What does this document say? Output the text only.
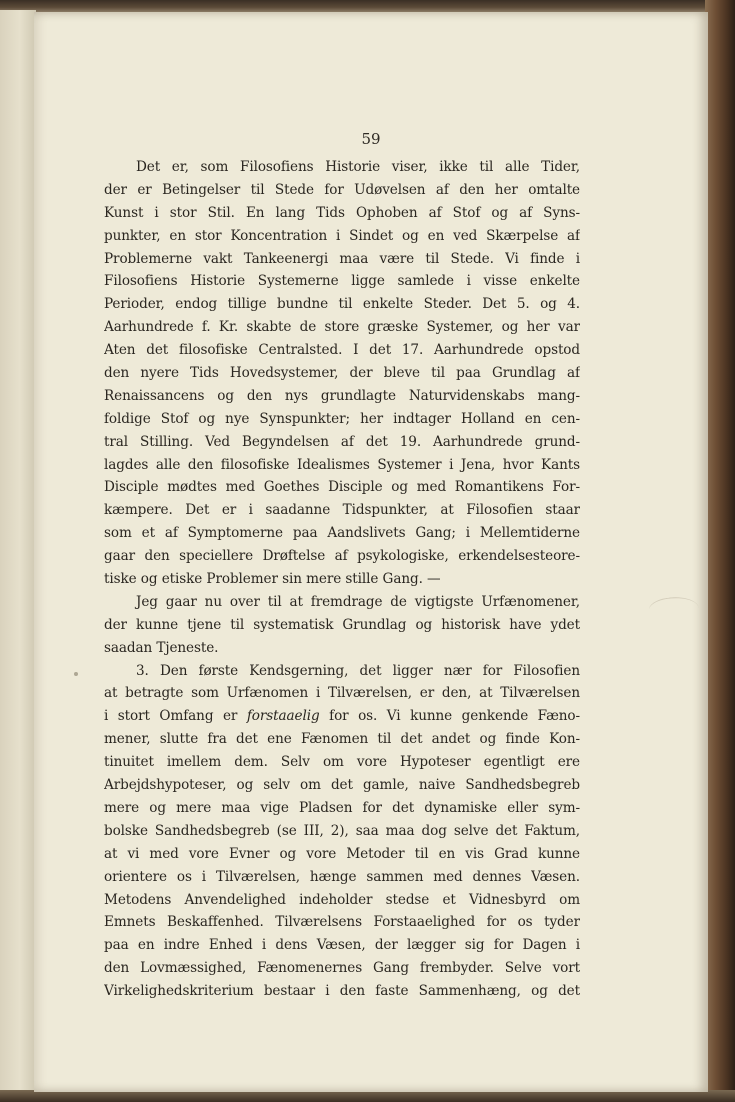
59

Det er, som Filosofiens Historie viser, ikke til alle Tider,
der er Betingelser til Stede for Udøvelsen af den her omtalte
Kunst i stor Stil. En lang Tids Ophoben af Stof og af Syns-
punkter, en stor Koncentration i Sindet og en ved Skærpelse af
Problemerne vakt Tankeenergi maa være til Stede. Vi finde i
Filosofiens Historie Systemerne ligge samlede i visse enkelte
Perioder, endog tillige bundne til enkelte Steder. Det 5. og 4.
Aarhundrede f. Kr. skabte de store græske Systemer, og her var
Aten det filosofiske Centralsted. I det 17. Aarhundrede opstod
den nyere Tids Hovedsystemer, der bleve til paa Grundlag af
Renaissancens og den nys grundlagte Naturvidenskabs mang-
foldige Stof og nye Synspunkter; her indtager Holland en cen-
tral Stilling. Ved Begyndelsen af det 19. Aarhundrede grund-
lagdes alle den filosofiske Idealismes Systemer i Jena, hvor Kants
Disciple mødtes med Goethes Disciple og med Romantikens For-
kæmpere. Det er i saadanne Tidspunkter, at Filosofien staar
som et af Symptomerne paa Aandslivets Gang; i Mellemtiderne
gaar den speciellere Drøftelse af psykologiske, erkendelsesteore-
tiske og etiske Problemer sin mere stille Gang. —
Jeg gaar nu over til at fremdrage de vigtigste Urfænomener,
der kunne tjene til systematisk Grundlag og historisk have ydet
saadan Tjeneste.
3. Den første Kendsgerning, det ligger nær for Filosofien
at betragte som Urfænomen i Tilværelsen, er den, at Tilværelsen
i stort Omfang er forstaaelig for os. Vi kunne genkende Fæno-
mener, slutte fra det ene Fænomen til det andet og finde Kon-
tinuitet imellem dem. Selv om vore Hypoteser egentligt ere
Arbejdshypoteser, og selv om det gamle, naive Sandhedsbegreb
mere og mere maa vige Pladsen for det dynamiske eller sym-
bolske Sandhedsbegreb (se III, 2), saa maa dog selve det Faktum,
at vi med vore Evner og vore Metoder til en vis Grad kunne
orientere os i Tilværelsen, hænge sammen med dennes Væsen.
Metodens Anvendelighed indeholder stedse et Vidnesbyrd om
Emnets Beskaffenhed. Tilværelsens Forstaaelighed for os tyder
paa en indre Enhed i dens Væsen, der lægger sig for Dagen i
den Lovmæssighed, Fænomenernes Gang frembyder. Selve vort
Virkelighedskriterium bestaar i den faste Sammenhæng, og det
